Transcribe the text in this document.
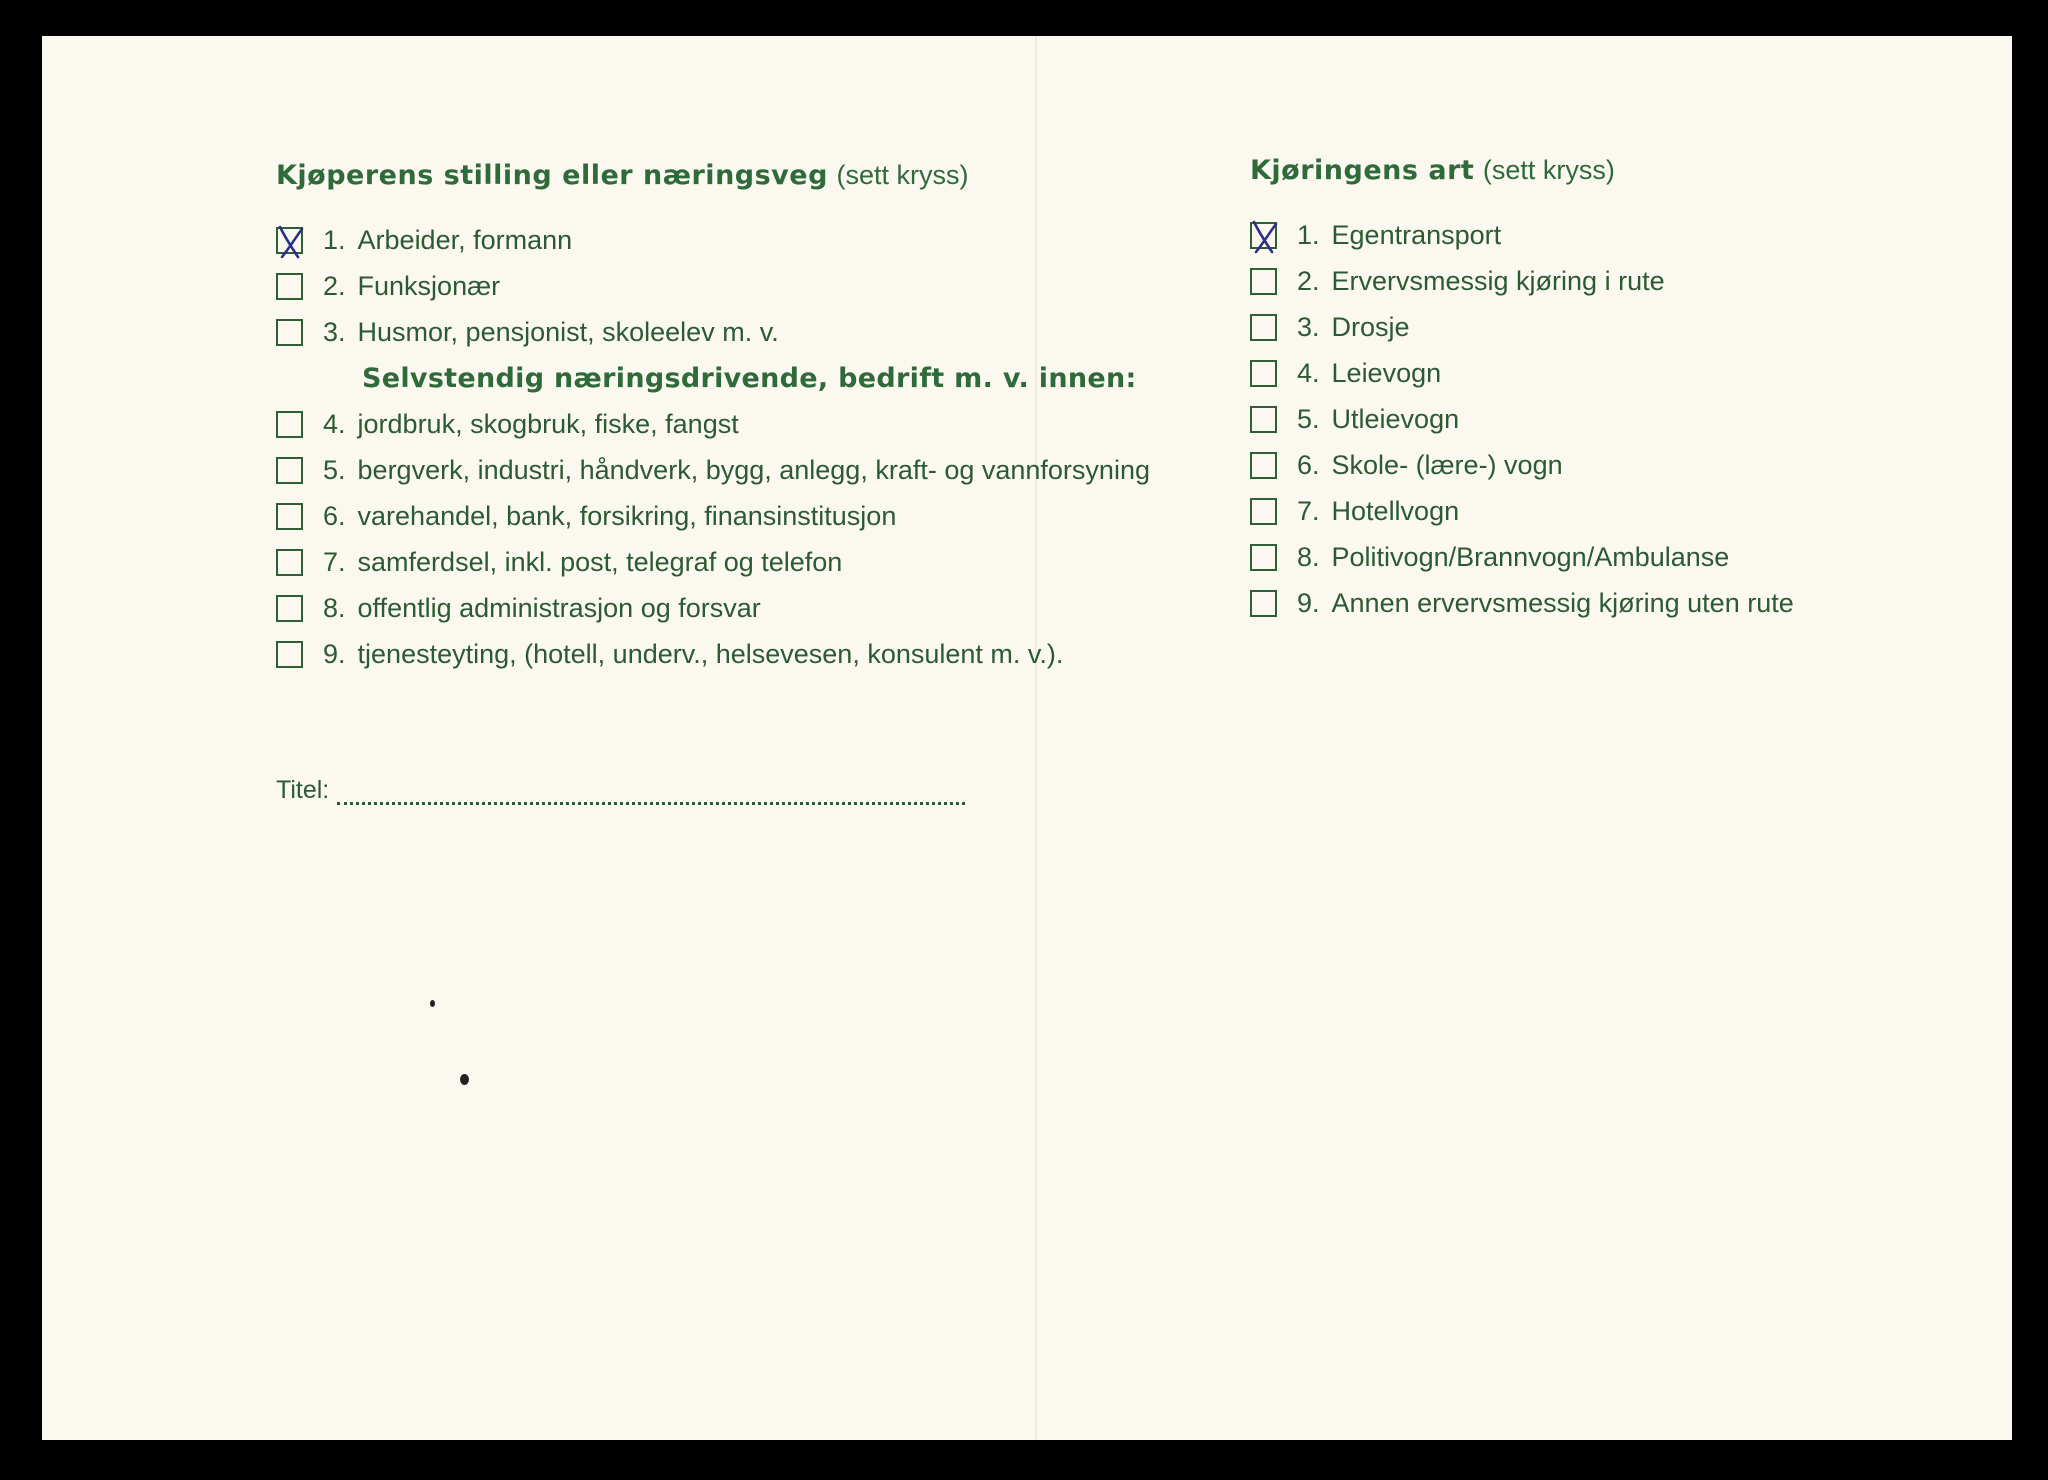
Kjøperens stilling eller næringsveg (sett kryss)

1. Arbeider, formann
2. Funksjonær
3. Husmor, pensjonist, skoleelev m. v.
Selvstendig næringsdrivende, bedrift m. v. innen:
4. jordbruk, skogbruk, fiske, fangst
5. bergverk, industri, håndverk, bygg, anlegg, kraft- og vannforsyning
6. varehandel, bank, forsikring, finansinstitusjon
7. samferdsel, inkl. post, telegraf og telefon
8. offentlig administrasjon og forsvar
9. tjenesteyting, (hotell, underv., helsevesen, konsulent m. v.).
Titel:

Kjøringens art (sett kryss)

1. Egentransport
2. Ervervsmessig kjøring i rute
3. Drosje
4. Leievogn
5. Utleievogn
6. Skole- (lære-) vogn
7. Hotellvogn
8. Politivogn/Brannvogn/Ambulanse
9. Annen ervervsmessig kjøring uten rute
